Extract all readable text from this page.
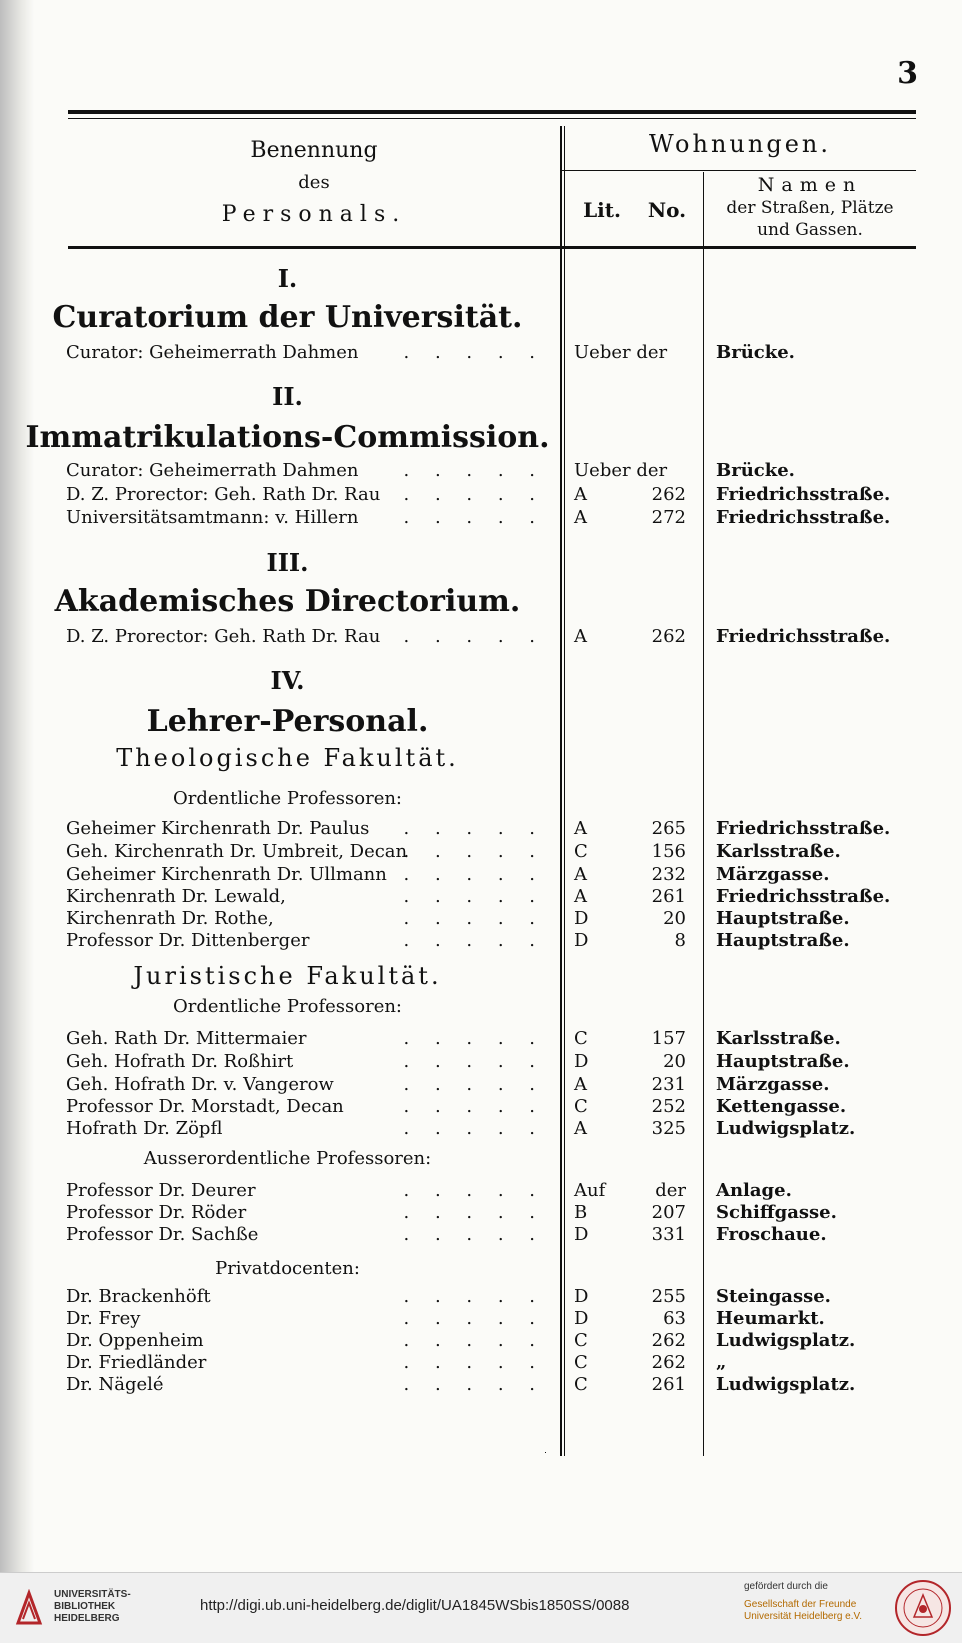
3
Benennung
des
Personals.
Wohnungen.
Lit.	No.
Namen
der Straßen, Plätze
und Gassen.
I.
Curatorium der Universität.
. . . . .
Curator: Geheimerrath Dahmen	Ueber der	Brücke.
II.
Immatrikulations-Commission.
. . . . .
Curator: Geheimerrath Dahmen	Ueber der	Brücke.
. . . . .
D. Z. Prorector: Geh. Rath Dr. Rau	A	262 Friedrichsstraße.
. . . . .
Universitätsamtmann: v. Hillern	A	272 Friedrichsstraße.
III.
Akademisches Directorium.
. . . . .
D. Z. Prorector: Geh. Rath Dr. Rau	A	262 Friedrichsstraße.
IV.
Lehrer-Personal.
Theologische Fakultät.
Ordentliche Professoren:
. . . . .
Geheimer Kirchenrath Dr. Paulus	A	265 Friedrichsstraße.
. . . . .
Geh. Kirchenrath Dr. Umbreit, Decan	C	156 Karlsstraße.
. . . . .
Geheimer Kirchenrath Dr. Ullmann	A	232 Märzgasse.
. . . . .
Kirchenrath Dr. Lewald,	A	261 Friedrichsstraße.
. . . . .
Kirchenrath Dr. Rothe,	D	20 Hauptstraße.
. . . . .
Professor Dr. Dittenberger	D	8 Hauptstraße.
Juristische Fakultät.
Ordentliche Professoren:
. . . . .
Geh. Rath Dr. Mittermaier	C	157 Karlsstraße.
. . . . .
Geh. Hofrath Dr. Roßhirt	D	20 Hauptstraße.
. . . . .
Geh. Hofrath Dr. v. Vangerow	A	231 Märzgasse.
. . . . .
Professor Dr. Morstadt, Decan	C	252 Kettengasse.
. . . . .
Hofrath Dr. Zöpfl	A	325 Ludwigsplatz.
Ausserordentliche Professoren:
. . . . .
Professor Dr. Deurer	Auf	der Anlage.
. . . . .
Professor Dr. Röder	B	207 Schiffgasse.
. . . . .
Professor Dr. Sachße	D	331 Froschaue.
Privatdocenten:
. . . . .
Dr. Brackenhöft	D	255 Steingasse.
. . . . .
Dr. Frey	D	63 Heumarkt.
. . . . .
Dr. Oppenheim	C	262 Ludwigsplatz.
. . . . .
Dr. Friedländer	C	262 „
. . . . .
Dr. Nägelé	C	261 Ludwigsplatz.
UNIVERSITÄTS-
BIBLIOTHEK
HEIDELBERG
http://digi.ub.uni-heidelberg.de/diglit/UA1845WSbis1850SS/0088
gefördert durch die
Gesellschaft der Freunde
Universität Heidelberg e.V.
